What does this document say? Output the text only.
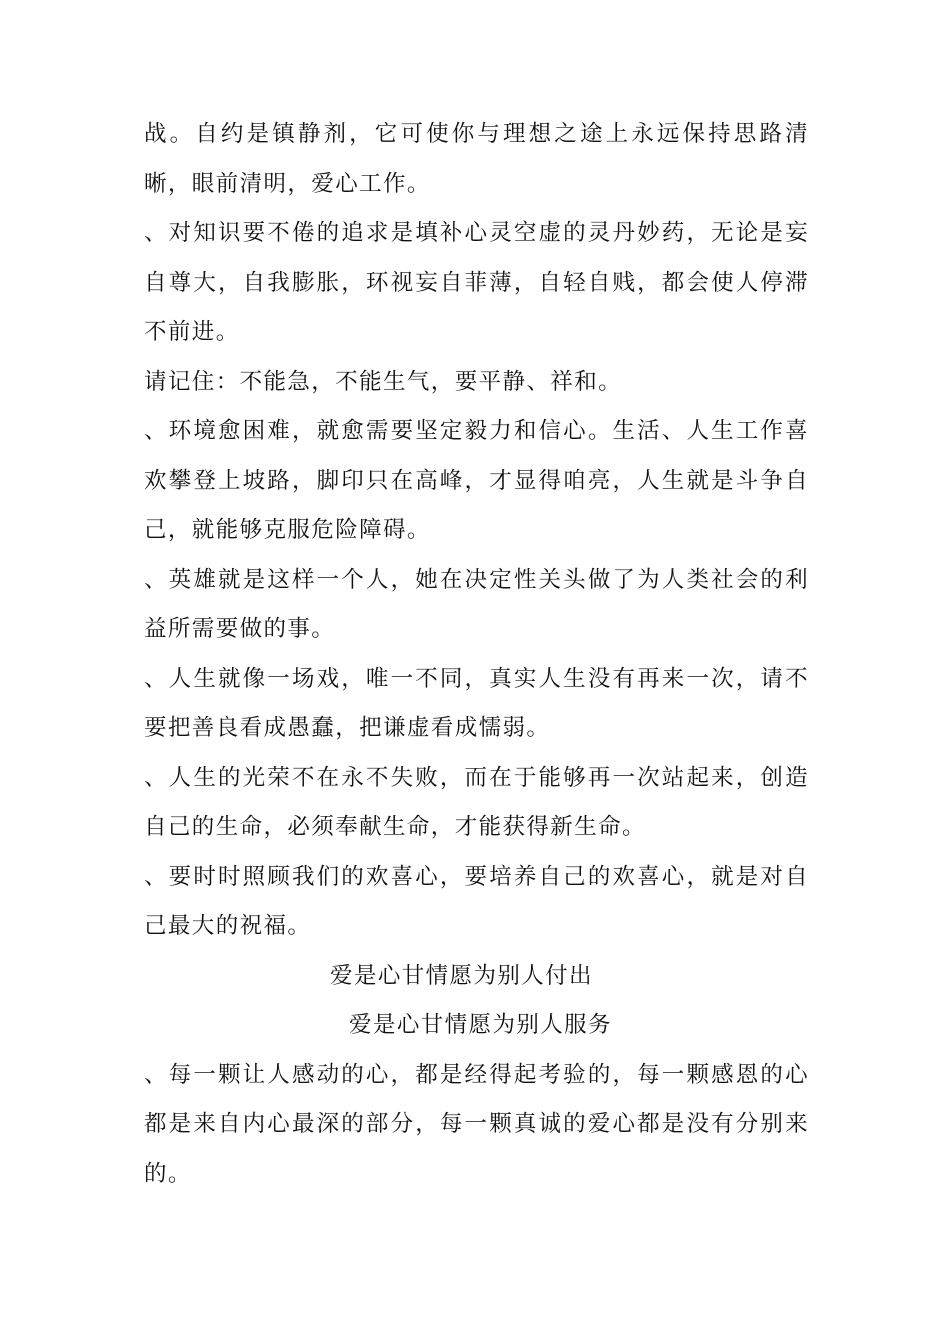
战。自约是镇静剂，它可使你与理想之途上永远保持思路清晰，眼前清明，爱心工作。

、对知识要不倦的追求是填补心灵空虚的灵丹妙药，无论是妄自尊大，自我膨胀，环视妄自菲薄，自轻自贱，都会使人停滞不前进。

请记住：不能急，不能生气，要平静、祥和。

、环境愈困难，就愈需要坚定毅力和信心。生活、人生工作喜欢攀登上坡路，脚印只在高峰，才显得咱亮，人生就是斗争自己，就能够克服危险障碍。

、英雄就是这样一个人，她在决定性关头做了为人类社会的利益所需要做的事。

、人生就像一场戏，唯一不同，真实人生没有再来一次，请不要把善良看成愚蠢，把谦虚看成懦弱。

、人生的光荣不在永不失败，而在于能够再一次站起来，创造自己的生命，必须奉献生命，才能获得新生命。

、要时时照顾我们的欢喜心，要培养自己的欢喜心，就是对自己最大的祝福。

爱是心甘情愿为别人付出

爱是心甘情愿为别人服务

、每一颗让人感动的心，都是经得起考验的，每一颗感恩的心都是来自内心最深的部分，每一颗真诚的爱心都是没有分别来的。
